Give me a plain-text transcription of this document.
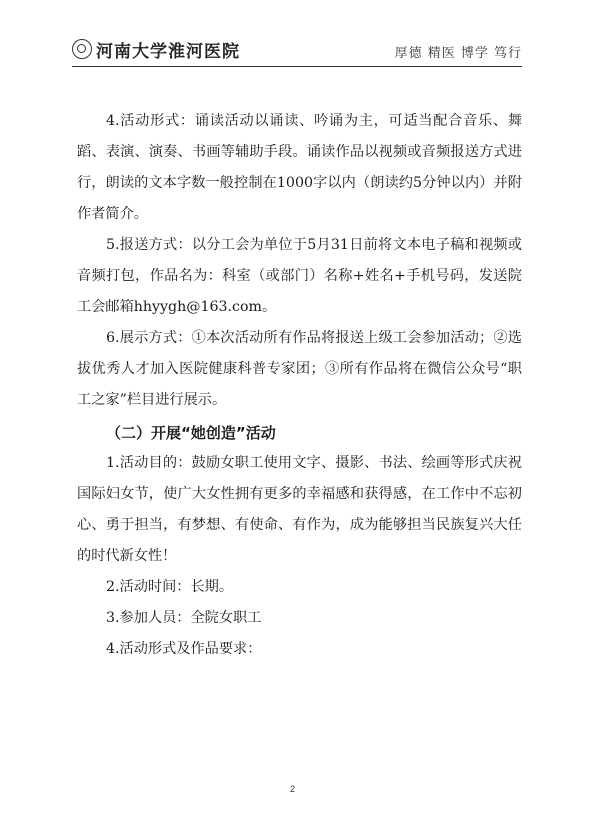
河南大学淮河医院	厚德 精医 博学 笃行
4.活动形式：诵读活动以诵读、吟诵为主，可适当配合音乐、舞蹈、表演、演奏、书画等辅助手段。诵读作品以视频或音频报送方式进行，朗读的文本字数一般控制在1000字以内（朗读约5分钟以内）并附作者简介。
5.报送方式：以分工会为单位于5月31日前将文本电子稿和视频或音频打包，作品名为：科室（或部门）名称+姓名+手机号码，发送院工会邮箱hhyygh@163.com。
6.展示方式：①本次活动所有作品将报送上级工会参加活动；②选拔优秀人才加入医院健康科普专家团；③所有作品将在微信公众号“职工之家”栏目进行展示。
（二）开展“她创造”活动
1.活动目的：鼓励女职工使用文字、摄影、书法、绘画等形式庆祝国际妇女节，使广大女性拥有更多的幸福感和获得感，在工作中不忘初心、勇于担当，有梦想、有使命、有作为，成为能够担当民族复兴大任的时代新女性！
2.活动时间：长期。
3.参加人员：全院女职工
4.活动形式及作品要求：
2
